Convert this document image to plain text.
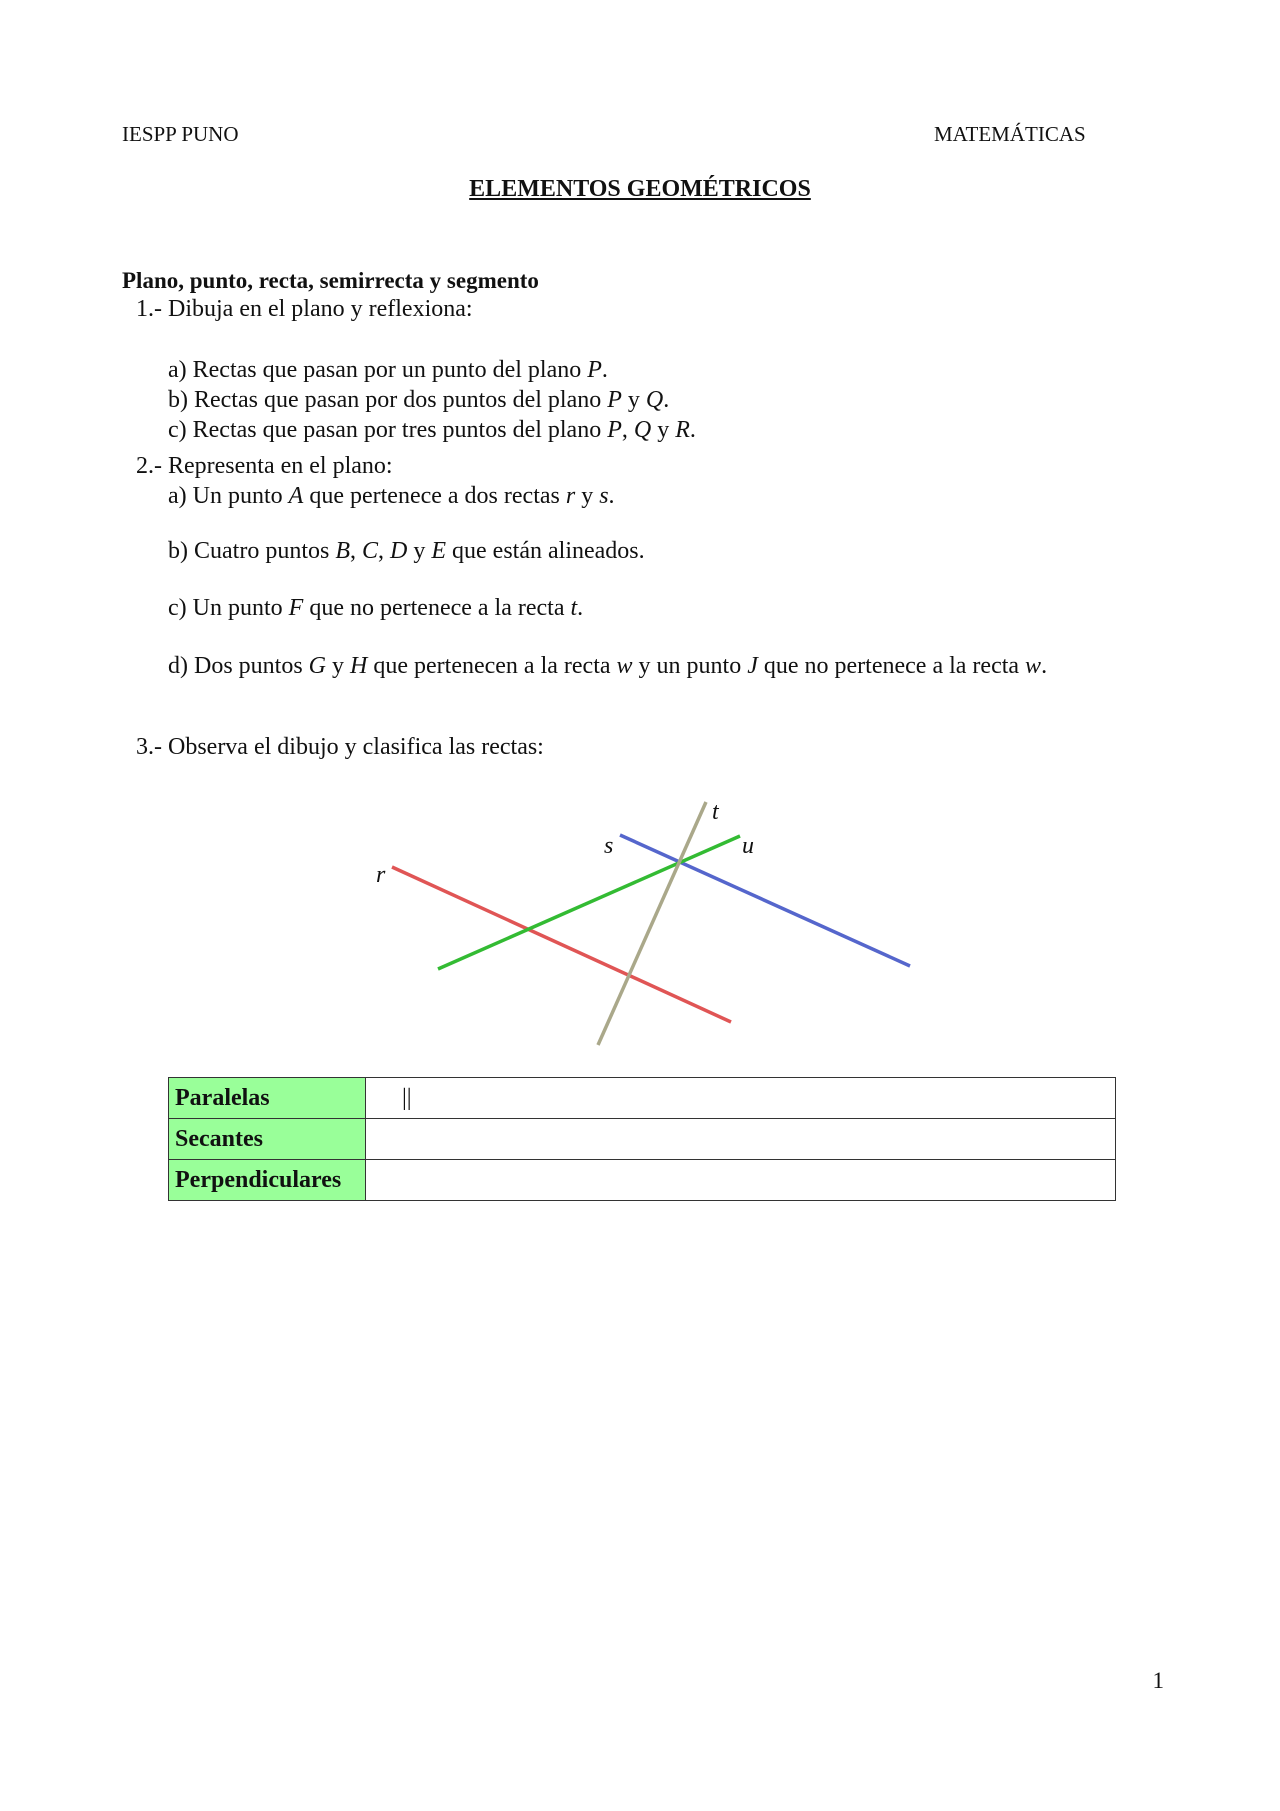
IESPP PUNO	MATEMÁTICAS
ELEMENTOS GEOMÉTRICOS
Plano, punto, recta, semirrecta y segmento
1.- Dibuja en el plano y reflexiona:
a) Rectas que pasan por un punto del plano P.
b) Rectas que pasan por dos puntos del plano P y Q.
c) Rectas que pasan por tres puntos del plano P, Q y R.
2.- Representa en el plano:
a) Un punto A que pertenece a dos rectas r y s.
b) Cuatro puntos B, C, D y E que están alineados.
c) Un punto F que no pertenece a la recta t.
d) Dos puntos G y H que pertenecen a la recta w y un punto J que no pertenece a la recta w.
3.- Observa el dibujo y clasifica las rectas:
r
s
t
u
Paralelas	||
Secantes	
Perpendiculares	
1
